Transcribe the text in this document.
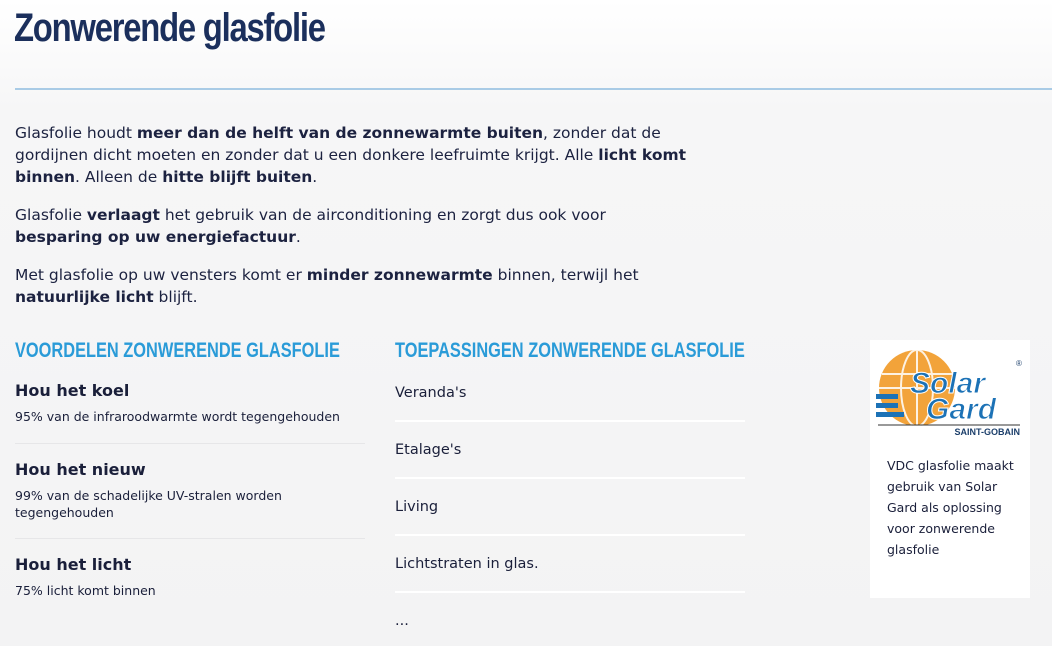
Zonwerende glasfolie

Glasfolie houdt meer dan de helft van de zonnewarmte buiten, zonder dat de gordijnen dicht moeten en zonder dat u een donkere leefruimte krijgt. Alle licht komt binnen. Alleen de hitte blijft buiten.

Glasfolie verlaagt het gebruik van de airconditioning en zorgt dus ook voor besparing op uw energiefactuur.

Met glasfolie op uw vensters komt er minder zonnewarmte binnen, terwijl het natuurlijke licht blijft.

VOORDELEN ZONWERENDE GLASFOLIE
Hou het koel
95% van de infraroodwarmte wordt tegengehouden
Hou het nieuw
99% van de schadelijke UV-stralen worden tegengehouden
Hou het licht
75% licht komt binnen
TOEPASSINGEN ZONWERENDE GLASFOLIE
Veranda's
Etalage's
Living
Lichtstraten in glas.
...
Solar
Gard
®
SAINT-GOBAIN
VDC glasfolie maakt gebruik van Solar Gard als oplossing voor zonwerende glasfolie
